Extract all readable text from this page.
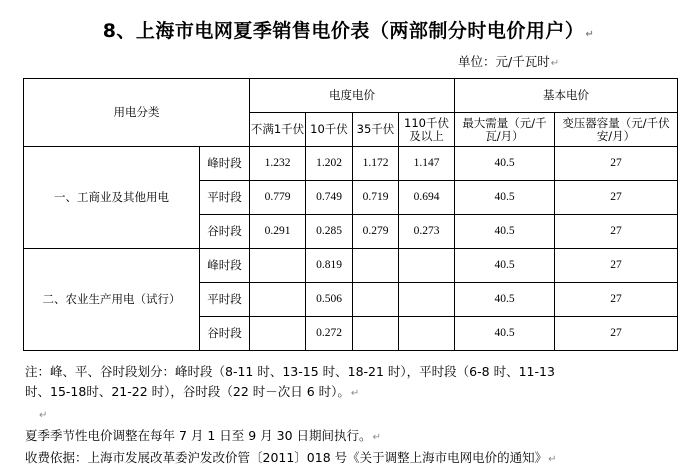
8、上海市电网夏季销售电价表（两部制分时电价用户）↵
单位：元/千瓦时↵
用电分类		电度电价				基本电价	
		不满1千伏	10千伏	35千伏	110千伏及以上	最大需量（元/千瓦/月）	变压器容量（元/千伏安/月）
一、工商业及其他用电	峰时段	1.232	1.202	1.172	1.147	40.5	27
	平时段	0.779	0.749	0.719	0.694	40.5	27
	谷时段	0.291	0.285	0.279	0.273	40.5	27
二、农业生产用电（试行）	峰时段		0.819			40.5	27
	平时段		0.506			40.5	27
	谷时段		0.272			40.5	27

注：峰、平、谷时段划分：峰时段（8-11 时、13-15 时、18-21 时），平时段（6-8 时、11-13

时、15-18时、21-22 时），谷时段（22 时－次日 6 时）。↵

↵

夏季季节性电价调整在每年 7 月 1 日至 9 月 30 日期间执行。↵

收费依据：上海市发展改革委沪发改价管〔2011〕018 号《关于调整上海市电网电价的通知》↵
